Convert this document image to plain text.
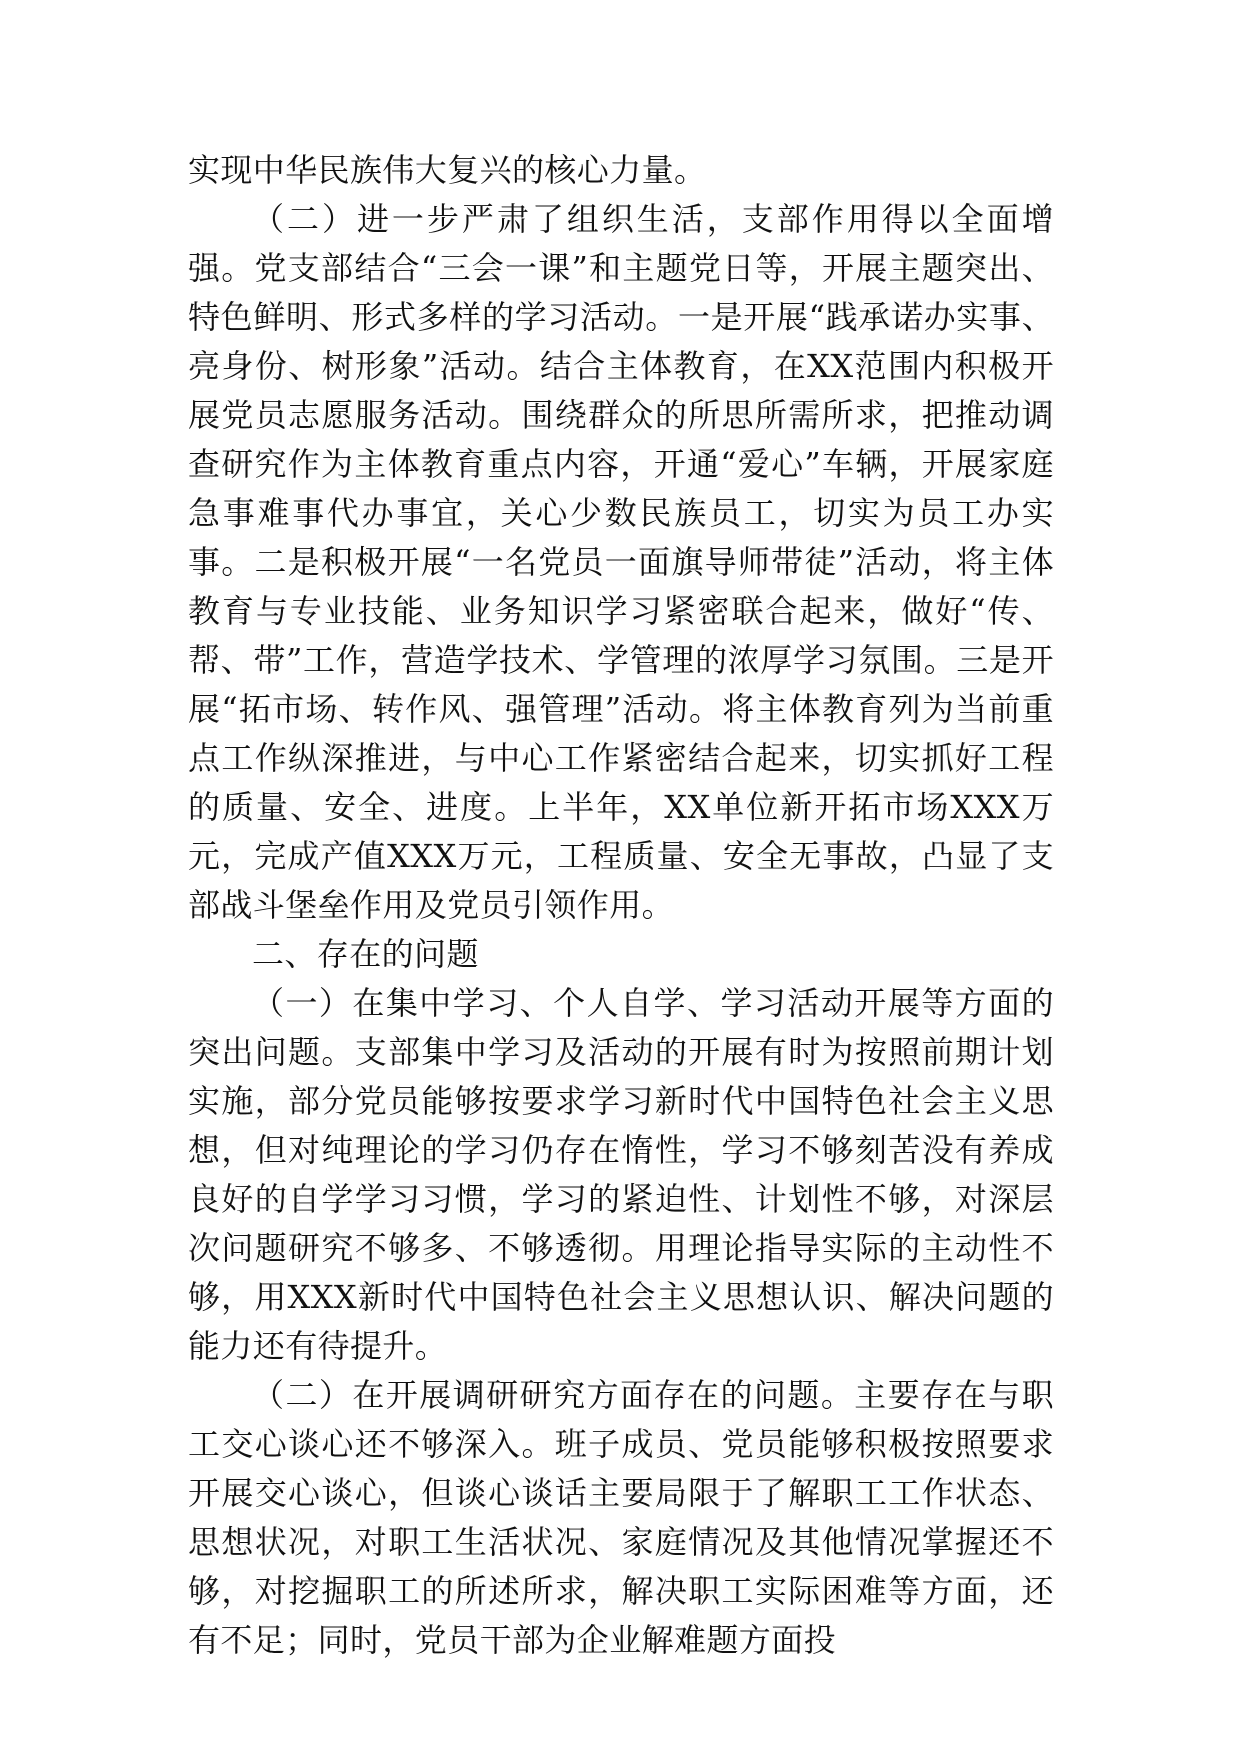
实现中华民族伟大复兴的核心力量。

（二）进一步严肃了组织生活，支部作用得以全面增强。党支部结合“三会一课”和主题党日等，开展主题突出、特色鲜明、形式多样的学习活动。一是开展“践承诺办实事、亮身份、树形象”活动。结合主体教育，在XX范围内积极开展党员志愿服务活动。围绕群众的所思所需所求，把推动调查研究作为主体教育重点内容，开通“爱心”车辆，开展家庭急事难事代办事宜，关心少数民族员工，切实为员工办实事。二是积极开展“一名党员一面旗导师带徒”活动，将主体教育与专业技能、业务知识学习紧密联合起来，做好“传、帮、带”工作，营造学技术、学管理的浓厚学习氛围。三是开展“拓市场、转作风、强管理”活动。将主体教育列为当前重点工作纵深推进，与中心工作紧密结合起来，切实抓好工程的质量、安全、进度。上半年，XX单位新开拓市场XXX万元，完成产值XXX万元，工程质量、安全无事故，凸显了支部战斗堡垒作用及党员引领作用。

二、存在的问题

（一）在集中学习、个人自学、学习活动开展等方面的突出问题。支部集中学习及活动的开展有时为按照前期计划实施，部分党员能够按要求学习新时代中国特色社会主义思想，但对纯理论的学习仍存在惰性，学习不够刻苦没有养成良好的自学学习习惯，学习的紧迫性、计划性不够，对深层次问题研究不够多、不够透彻。用理论指导实际的主动性不够，用XXX新时代中国特色社会主义思想认识、解决问题的能力还有待提升。

（二）在开展调研研究方面存在的问题。主要存在与职工交心谈心还不够深入。班子成员、党员能够积极按照要求开展交心谈心，但谈心谈话主要局限于了解职工工作状态、思想状况，对职工生活状况、家庭情况及其他情况掌握还不够，对挖掘职工的所述所求，解决职工实际困难等方面，还有不足；同时，党员干部为企业解难题方面投
